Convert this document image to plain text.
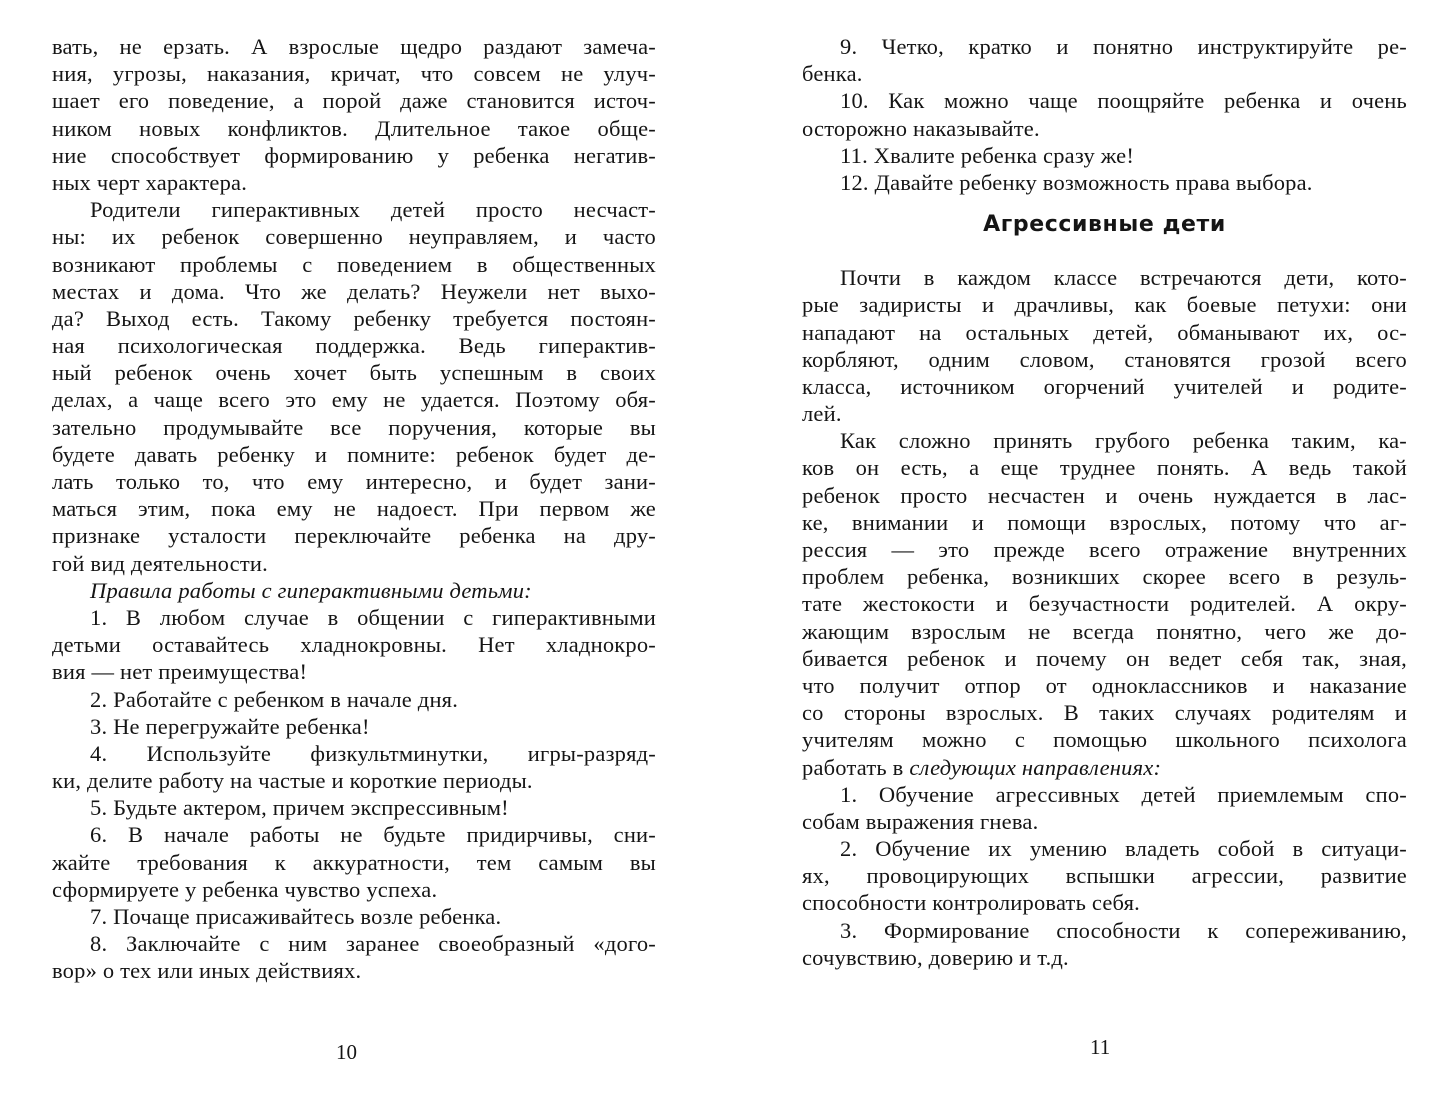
вать, не ерзать. А взрослые щедро раздают замеча-
ния, угрозы, наказания, кричат, что совсем не улуч-
шает его поведение, а порой даже становится источ-
ником новых конфликтов. Длительное такое обще-
ние способствует формированию у ребенка негатив-
ных черт характера.
Родители гиперактивных детей просто несчаст-
ны: их ребенок совершенно неуправляем, и часто
возникают проблемы с поведением в общественных
местах и дома. Что же делать? Неужели нет выхо-
да? Выход есть. Такому ребенку требуется постоян-
ная психологическая поддержка. Ведь гиперактив-
ный ребенок очень хочет быть успешным в своих
делах, а чаще всего это ему не удается. Поэтому обя-
зательно продумывайте все поручения, которые вы
будете давать ребенку и помните: ребенок будет де-
лать только то, что ему интересно, и будет зани-
маться этим, пока ему не надоест. При первом же
признаке усталости переключайте ребенка на дру-
гой вид деятельности.
Правила работы с гиперактивными детьми:
1. В любом случае в общении с гиперактивными
детьми оставайтесь хладнокровны. Нет хладнокро-
вия — нет преимущества!
2. Работайте с ребенком в начале дня.
3. Не перегружайте ребенка!
4. Используйте физкультминутки, игры-разряд-
ки, делите работу на частые и короткие периоды.
5. Будьте актером, причем экспрессивным!
6. В начале работы не будьте придирчивы, сни-
жайте требования к аккуратности, тем самым вы
сформируете у ребенка чувство успеха.
7. Почаще присаживайтесь возле ребенка.
8. Заключайте с ним заранее своеобразный «дого-
вор» о тех или иных действиях.
10
9. Четко, кратко и понятно инструктируйте ре-
бенка.
10. Как можно чаще поощряйте ребенка и очень
осторожно наказывайте.
11. Хвалите ребенка сразу же!
12. Давайте ребенку возможность права выбора.
Агрессивные дети
Почти в каждом классе встречаются дети, кото-
рые задиристы и драчливы, как боевые петухи: они
нападают на остальных детей, обманывают их, ос-
корбляют, одним словом, становятся грозой всего
класса, источником огорчений учителей и родите-
лей.
Как сложно принять грубого ребенка таким, ка-
ков он есть, а еще труднее понять. А ведь такой
ребенок просто несчастен и очень нуждается в лас-
ке, внимании и помощи взрослых, потому что аг-
рессия — это прежде всего отражение внутренних
проблем ребенка, возникших скорее всего в резуль-
тате жестокости и безучастности родителей. А окру-
жающим взрослым не всегда понятно, чего же до-
бивается ребенок и почему он ведет себя так, зная,
что получит отпор от одноклассников и наказание
со стороны взрослых. В таких случаях родителям и
учителям можно с помощью школьного психолога
работать в следующих направлениях:
1. Обучение агрессивных детей приемлемым спо-
собам выражения гнева.
2. Обучение их умению владеть собой в ситуаци-
ях, провоцирующих вспышки агрессии, развитие
способности контролировать себя.
3. Формирование способности к сопереживанию,
сочувствию, доверию и т.д.
11
